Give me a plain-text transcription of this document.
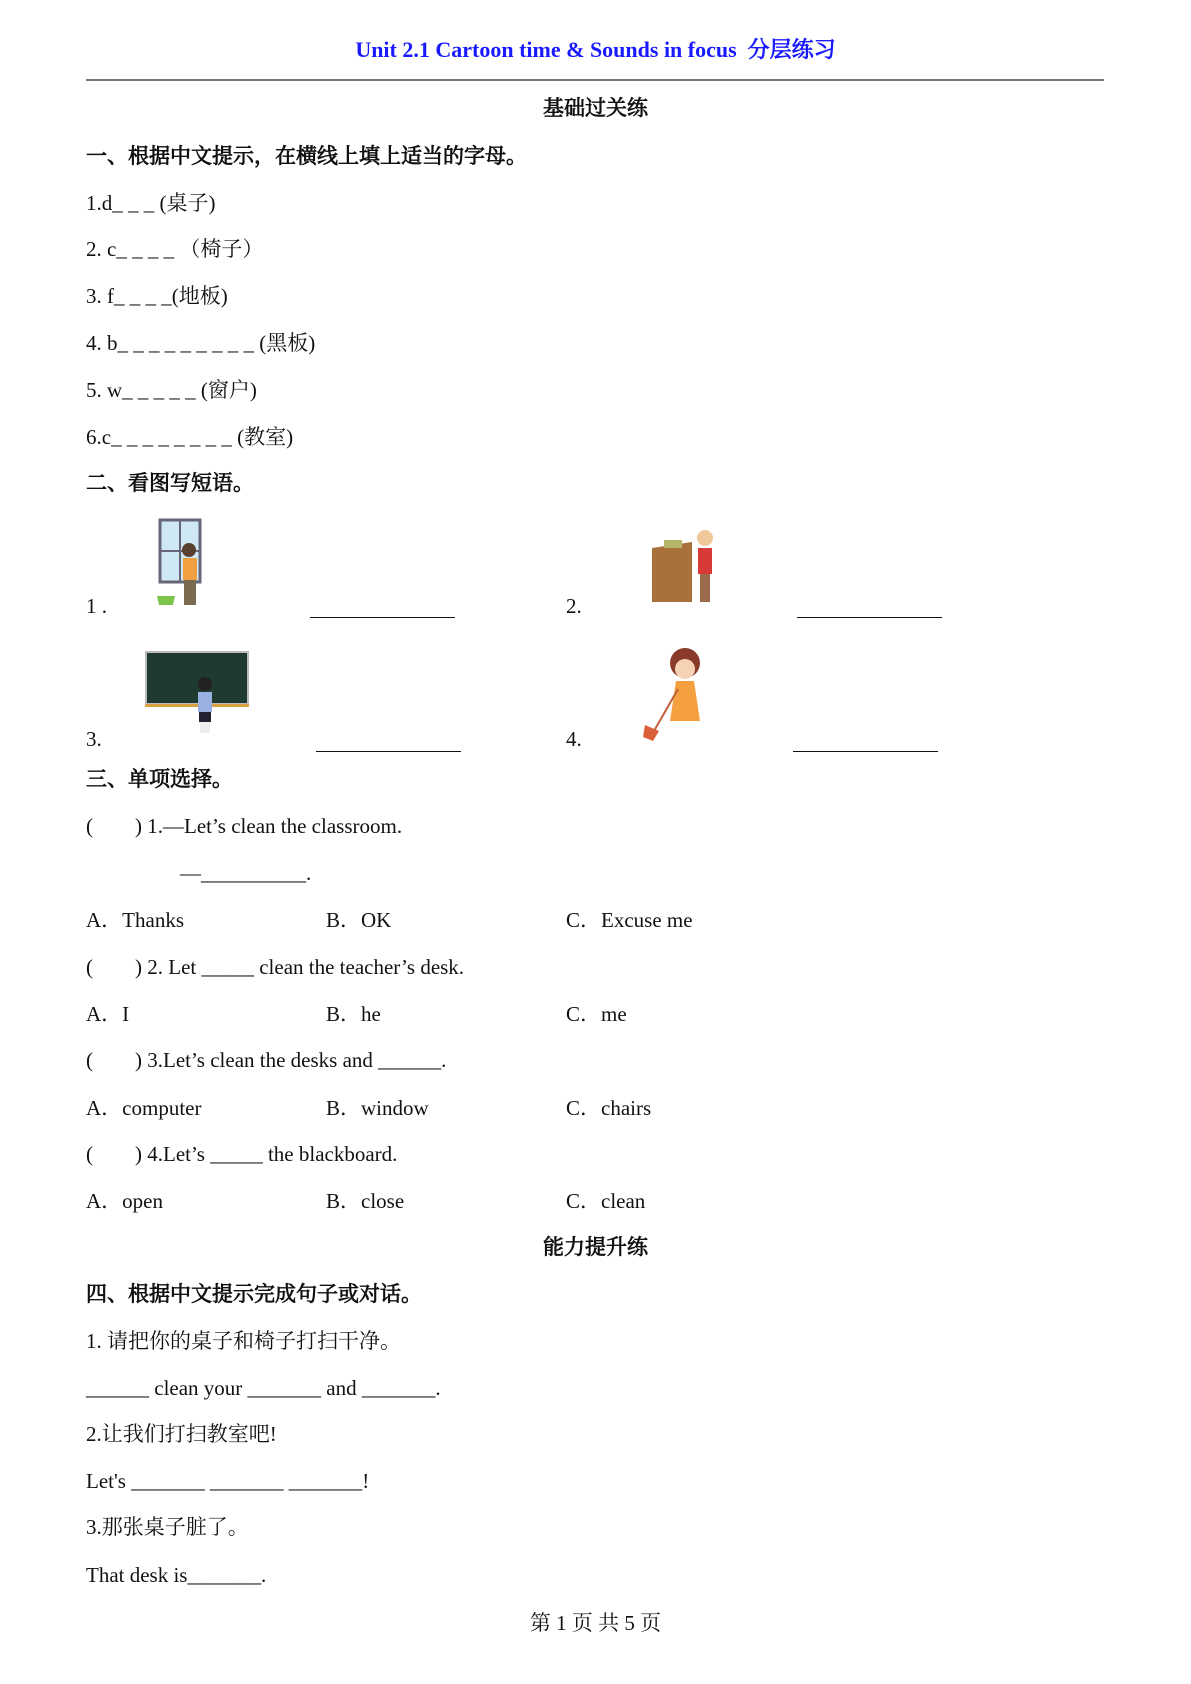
Unit 2.1 Cartoon time & Sounds in focus  分层练习
基础过关练
一、根据中文提示，在横线上填上适当的字母。
1.d_ _ _ (桌子)
2. c_ _ _ _ （椅子）
3. f_ _ _ _(地板)
4. b_ _ _ _ _ _ _ _ _ (黑板)
5. w_ _ _ _ _ (窗户)
6.c_ _ _ _ _ _ _ _ (教室)
二、看图写短语。
1 .	2.
3.	4.
三、单项选择。
(        ) 1.—Let’s clean the classroom.
—__________.
A．Thanks	B．OK	C．Excuse me
(        ) 2. Let _____ clean the teacher’s desk.
A．I	B．he	C．me
(        ) 3.Let’s clean the desks and ______.
A．computer	B．window	C．chairs
(        ) 4.Let’s _____ the blackboard.
A．open	B．close	C．clean
能力提升练
四、根据中文提示完成句子或对话。
1. 请把你的桌子和椅子打扫干净。
______ clean your _______ and _______.
2.让我们打扫教室吧!
Let's _______ _______ _______!
3.那张桌子脏了。
That desk is_______.
第 1 页 共 5 页
